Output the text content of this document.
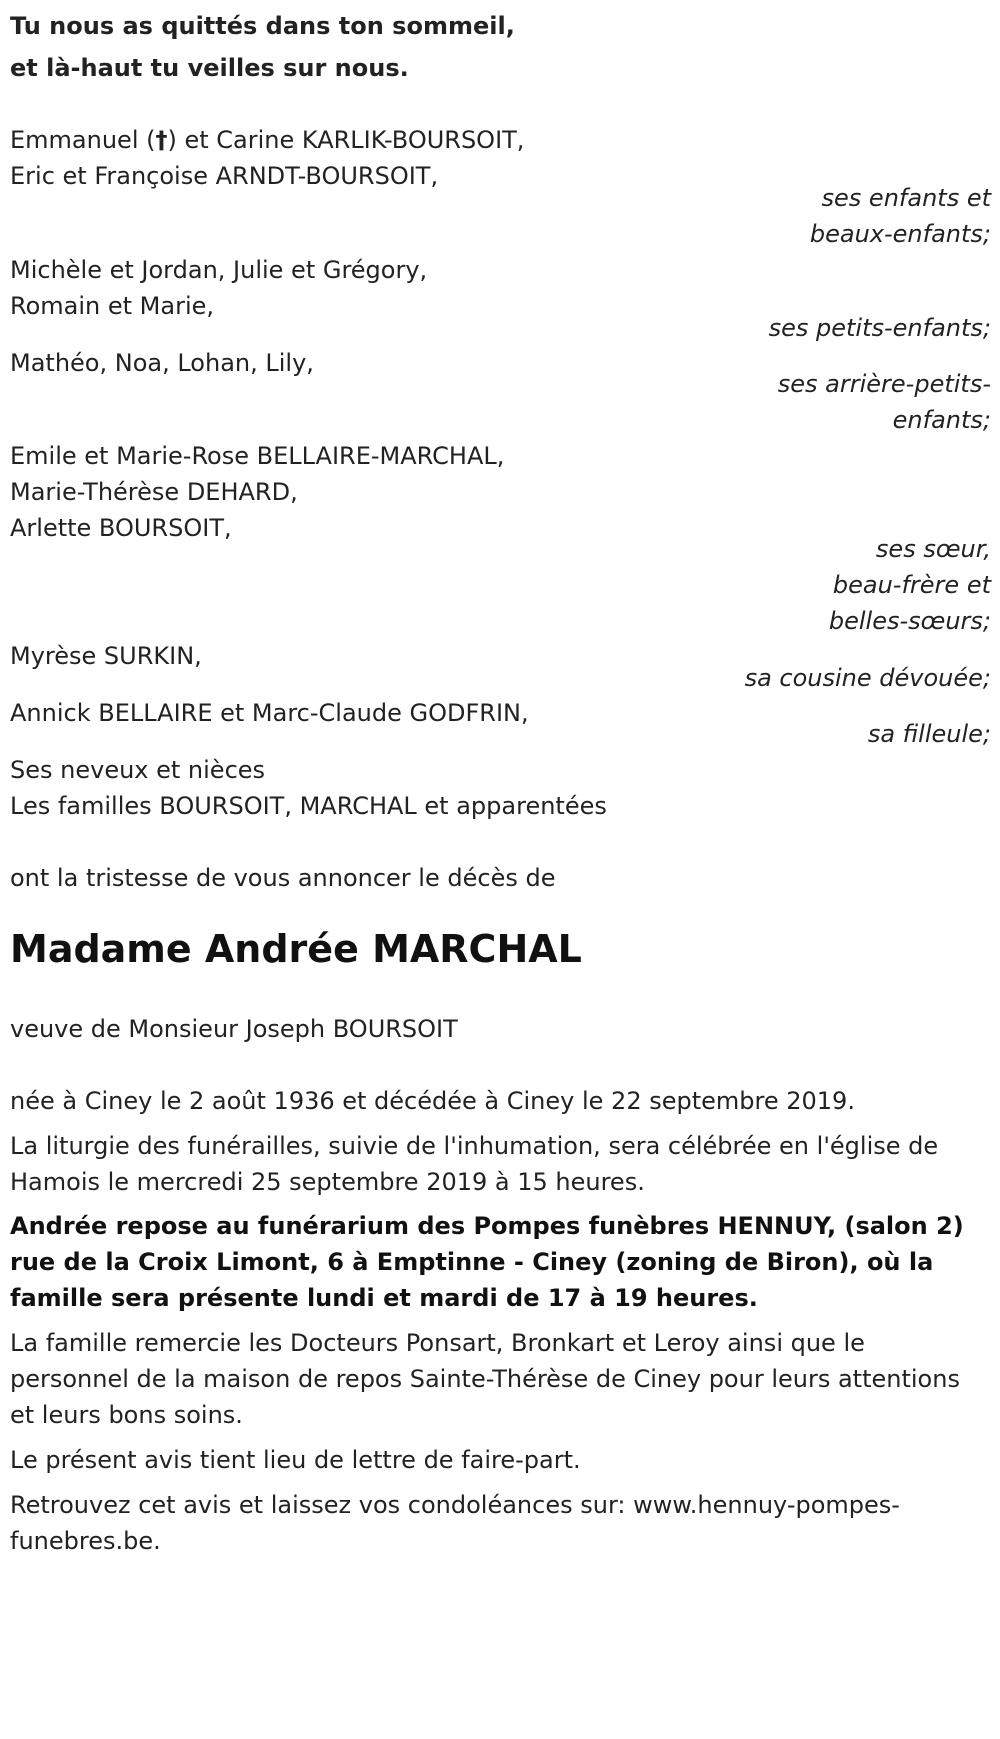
Tu nous as quittés dans ton sommeil,
et là-haut tu veilles sur nous.
Emmanuel (†) et Carine KARLIK-BOURSOIT,
Eric et Françoise ARNDT-BOURSOIT,
ses enfants et
beaux-enfants;
Michèle et Jordan, Julie et Grégory,
Romain et Marie,
ses petits-enfants;
Mathéo, Noa, Lohan, Lily,
ses arrière-petits-
enfants;
Emile et Marie-Rose BELLAIRE-MARCHAL,
Marie-Thérèse DEHARD,
Arlette BOURSOIT,
ses sœur,
beau-frère et
belles-sœurs;
Myrèse SURKIN,
sa cousine dévouée;
Annick BELLAIRE et Marc-Claude GODFRIN,
sa filleule;
Ses neveux et nièces
Les familles BOURSOIT, MARCHAL et apparentées
ont la tristesse de vous annoncer le décès de
Madame Andrée MARCHAL
veuve de Monsieur Joseph BOURSOIT
née à Ciney le 2 août 1936 et décédée à Ciney le 22 septembre 2019.
La liturgie des funérailles, suivie de l'inhumation, sera célébrée en l'église de Hamois le mercredi 25 septembre 2019 à 15 heures.
Andrée repose au funérarium des Pompes funèbres HENNUY, (salon 2) rue de la Croix Limont, 6 à Emptinne - Ciney (zoning de Biron), où la famille sera présente lundi et mardi de 17 à 19 heures.
La famille remercie les Docteurs Ponsart, Bronkart et Leroy ainsi que le personnel de la maison de repos Sainte-Thérèse de Ciney pour leurs attentions et leurs bons soins.
Le présent avis tient lieu de lettre de faire-part.
Retrouvez cet avis et laissez vos condoléances sur: www.hennuy-pompes-funebres.be.
